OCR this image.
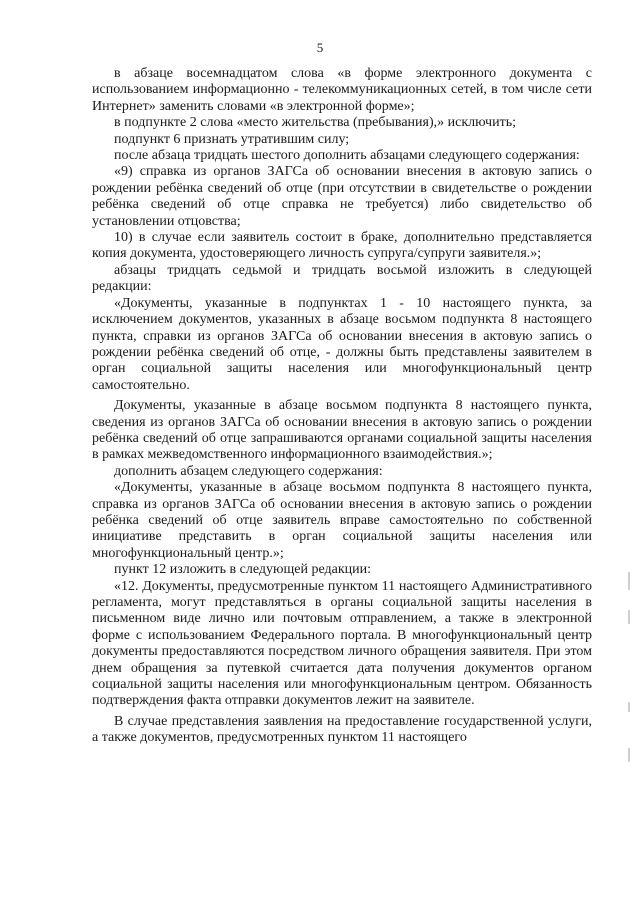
5

в абзаце восемнадцатом слова «в форме электронного документа с использованием информационно - телекоммуникационных сетей, в том числе сети Интернет» заменить словами «в электронной форме»;

в подпункте 2 слова «место жительства (пребывания),» исключить;

подпункт 6 признать утратившим силу;

после абзаца тридцать шестого дополнить абзацами следующего содержания:

«9) справка из органов ЗАГСа об основании внесения в актовую запись о рождении ребёнка сведений об отце (при отсутствии в свидетельстве о рождении ребёнка сведений об отце справка не требуется) либо свидетельство об установлении отцовства;

10) в случае если заявитель состоит в браке, дополнительно представляется копия документа, удостоверяющего личность супруга/супруги заявителя.»;

абзацы тридцать седьмой и тридцать восьмой изложить в следующей редакции:

«Документы, указанные в подпунктах 1 - 10 настоящего пункта, за исключением документов, указанных в абзаце восьмом подпункта 8 настоящего пункта, справки из органов ЗАГСа об основании внесения в актовую запись о рождении ребёнка сведений об отце, - должны быть представлены заявителем в орган социальной защиты населения или многофункциональный центр самостоятельно.

Документы, указанные в абзаце восьмом подпункта 8 настоящего пункта, сведения из органов ЗАГСа об основании внесения в актовую запись о рождении ребёнка сведений об отце запрашиваются органами социальной защиты населения в рамках межведомственного информационного взаимодействия.»;

дополнить абзацем следующего содержания:

«Документы, указанные в абзаце восьмом подпункта 8 настоящего пункта, справка из органов ЗАГСа об основании внесения в актовую запись о рождении ребёнка сведений об отце заявитель вправе самостоятельно по собственной инициативе представить в орган социальной защиты населения или многофункциональный центр.»;

пункт 12 изложить в следующей редакции:

«12. Документы, предусмотренные пунктом 11 настоящего Административного регламента, могут представляться в органы социальной защиты населения в письменном виде лично или почтовым отправлением, а также в электронной форме с использованием Федерального портала. В многофункциональный центр документы предоставляются посредством личного обращения заявителя. При этом днем обращения за путевкой считается дата получения документов органом социальной защиты населения или многофункциональным центром. Обязанность подтверждения факта отправки документов лежит на заявителе.

В случае представления заявления на предоставление государственной услуги, а также документов, предусмотренных пунктом 11 настоящего
